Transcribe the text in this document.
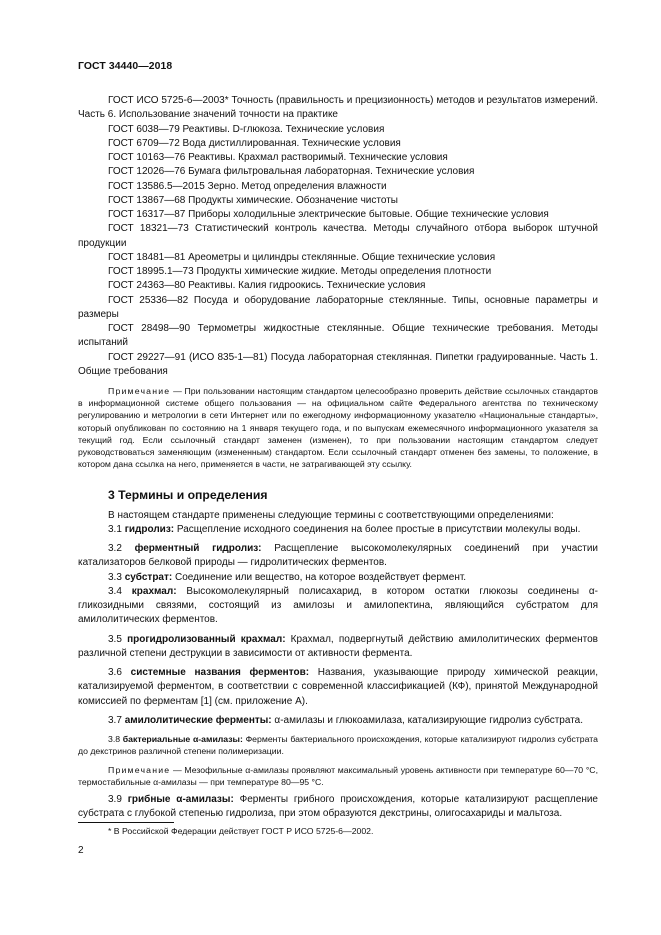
ГОСТ 34440—2018

ГОСТ ИСО 5725-6—2003* Точность (правильность и прецизионность) методов и результатов измерений. Часть 6. Использование значений точности на практике

ГОСТ 6038—79 Реактивы. D-глюкоза. Технические условия

ГОСТ 6709—72 Вода дистиллированная. Технические условия

ГОСТ 10163—76 Реактивы. Крахмал растворимый. Технические условия

ГОСТ 12026—76 Бумага фильтровальная лабораторная. Технические условия

ГОСТ 13586.5—2015 Зерно. Метод определения влажности

ГОСТ 13867—68 Продукты химические. Обозначение чистоты

ГОСТ 16317—87 Приборы холодильные электрические бытовые. Общие технические условия

ГОСТ 18321—73 Статистический контроль качества. Методы случайного отбора выборок штучной продукции

ГОСТ 18481—81 Ареометры и цилиндры стеклянные. Общие технические условия

ГОСТ 18995.1—73 Продукты химические жидкие. Методы определения плотности

ГОСТ 24363—80 Реактивы. Калия гидроокись. Технические условия

ГОСТ 25336—82 Посуда и оборудование лабораторные стеклянные. Типы, основные параметры и размеры

ГОСТ 28498—90 Термометры жидкостные стеклянные. Общие технические требования. Методы испытаний

ГОСТ 29227—91 (ИСО 835-1—81) Посуда лабораторная стеклянная. Пипетки градуированные. Часть 1. Общие требования

Примечание — При пользовании настоящим стандартом целесообразно проверить действие ссылочных стандартов в информационной системе общего пользования — на официальном сайте Федерального агентства по техническому регулированию и метрологии в сети Интернет или по ежегодному информационному указателю «Национальные стандарты», который опубликован по состоянию на 1 января текущего года, и по выпускам ежемесячного информационного указателя за текущий год. Если ссылочный стандарт заменен (изменен), то при пользовании настоящим стандартом следует руководствоваться заменяющим (измененным) стандартом. Если ссылочный стандарт отменен без замены, то положение, в котором дана ссылка на него, применяется в части, не затрагивающей эту ссылку.

3 Термины и определения

В настоящем стандарте применены следующие термины с соответствующими определениями:

3.1 гидролиз: Расщепление исходного соединения на более простые в присутствии молекулы воды.

3.2 ферментный гидролиз: Расщепление высокомолекулярных соединений при участии катализаторов белковой природы — гидролитических ферментов.

3.3 субстрат: Соединение или вещество, на которое воздействует фермент.

3.4 крахмал: Высокомолекулярный полисахарид, в котором остатки глюкозы соединены α-гликозидными связями, состоящий из амилозы и амилопектина, являющийся субстратом для амилолитических ферментов.

3.5 прогидролизованный крахмал: Крахмал, подвергнутый действию амилолитических ферментов различной степени деструкции в зависимости от активности фермента.

3.6 системные названия ферментов: Названия, указывающие природу химической реакции, катализируемой ферментом, в соответствии с современной классификацией (КФ), принятой Международной комиссией по ферментам [1] (см. приложение А).

3.7 амилолитические ферменты: α-амилазы и глюкоамилаза, катализирующие гидролиз субстрата.

3.8 бактериальные α-амилазы: Ферменты бактериального происхождения, которые катализируют гидролиз субстрата до декстринов различной степени полимеризации.

Примечание — Мезофильные α-амилазы проявляют максимальный уровень активности при температуре 60—70 °С, термостабильные α-амилазы — при температуре 80—95 °С.

3.9 грибные α-амилазы: Ферменты грибного происхождения, которые катализируют расщепление субстрата с глубокой степенью гидролиза, при этом образуются декстрины, олигосахариды и мальтоза.

* В Российской Федерации действует ГОСТ Р ИСО 5725-6—2002.
2
